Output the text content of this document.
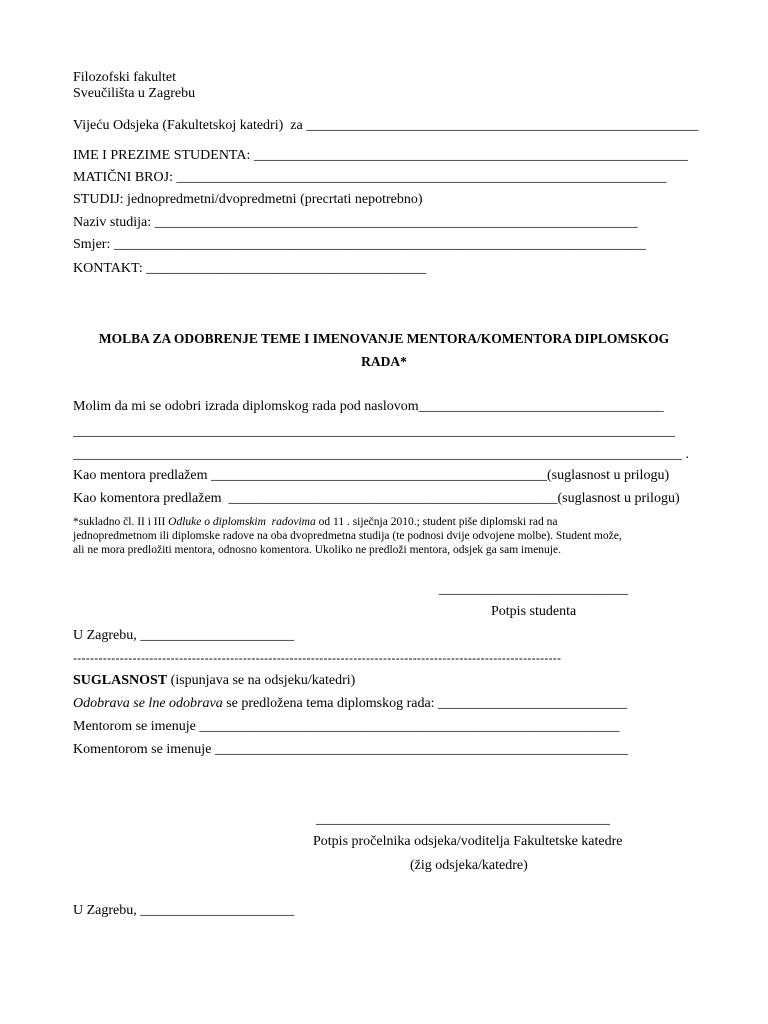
Filozofski fakultet
Sveučilišta u Zagrebu
Vijeću Odsjeka (Fakultetskoj katedri)  za ________________________________________________________
IME I PREZIME STUDENTA: ______________________________________________________________
MATIČNI BROJ: ______________________________________________________________________
STUDIJ: jednopredmetni/dvopredmetni (precrtati nepotrebno)
Naziv studija: _____________________________________________________________________
Smjer: ____________________________________________________________________________
KONTAKT: ________________________________________
MOLBA ZA ODOBRENJE TEME I IMENOVANJE MENTORA/KOMENTORA DIPLOMSKOG
RADA*
Molim da mi se odobri izrada diplomskog rada pod naslovom___________________________________
______________________________________________________________________________________
_______________________________________________________________________________________ .
Kao mentora predlažem ________________________________________________(suglasnost u prilogu)
Kao komentora predlažem  _______________________________________________(suglasnost u prilogu)
*sukladno čl. II i III Odluke o diplomskim  radovima od 11 . siječnja 2010.; student piše diplomski rad na
jednopredmetnom ili diplomske radove na oba dvopredmetna studija (te podnosi dvije odvojene molbe). Student može,
ali ne mora predložiti mentora, odnosno komentora. Ukoliko ne predloži mentora, odsjek ga sam imenuje.
___________________________
Potpis studenta
U Zagrebu, ______________________
-------------------------------------------------------------------------------------------------------------------
SUGLASNOST (ispunjava se na odsjeku/katedri)
Odobrava se lne odobrava se predložena tema diplomskog rada: ___________________________
Mentorom se imenuje ____________________________________________________________
Komentorom se imenuje ___________________________________________________________
__________________________________________
Potpis pročelnika odsjeka/voditelja Fakultetske katedre
(žig odsjeka/katedre)
U Zagrebu, ______________________
